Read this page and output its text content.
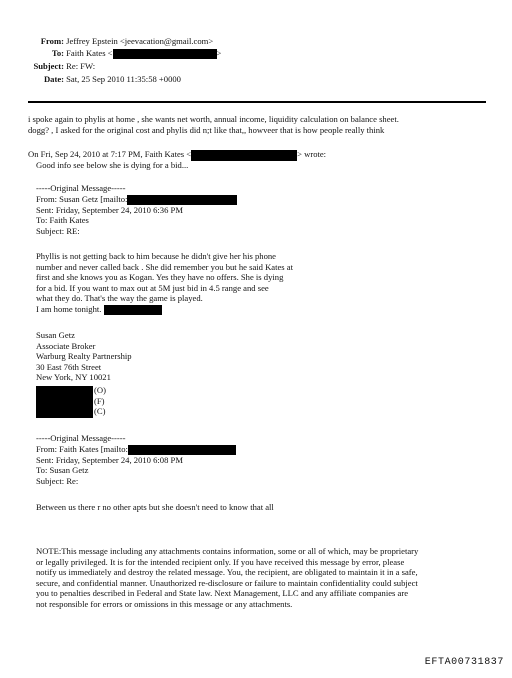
From: Jeffrey Epstein <jeevacation@gmail.com>
To: Faith Kates <	>
Subject: Re: FW:
Date: Sat, 25 Sep 2010 11:35:58 +0000
i spoke again to phylis at home , she wants net worth, annual income, liquidity calculation on balance sheet.
dogg? , I asked for the original cost and phylis did n;t like that,, howveer that is how people really think
On Fri, Sep 24, 2010 at 7:17 PM, Faith Kates <	> wrote:
Good info see below she is dying for a bid...
-----Original Message-----
From: Susan Getz [mailto:
Sent: Friday, September 24, 2010 6:36 PM
To: Faith Kates
Subject: RE:
Phyllis is not getting back to him because he didn't give her his phone
number and never called back . She did remember you but he said Kates at
first and she knows you as Kogan. Yes they have no offers. She is dying
for a bid. If you want to max out at 5M just bid in 4.5 range and see
what they do. That's the way the game is played.
I am home tonight.
Susan Getz
Associate Broker
Warburg Realty Partnership
30 East 76th Street
New York, NY 10021
(O)
(F)
(C)
-----Original Message-----
From: Faith Kates [mailto:
Sent: Friday, September 24, 2010 6:08 PM
To: Susan Getz
Subject: Re:
Between us there r no other apts but she doesn't need to know that all
NOTE:This message including any attachments contains information, some or all of which, may be proprietary
or legally privileged. It is for the intended recipient only. If you have received this message by error, please
notify us immediately and destroy the related message. You, the recipient, are obligated to maintain it in a safe,
secure, and confidential manner. Unauthorized re-disclosure or failure to maintain confidentiality could subject
you to penalties described in Federal and State law. Next Management, LLC and any affiliate companies are
not responsible for errors or omissions in this message or any attachments.
EFTA00731837
